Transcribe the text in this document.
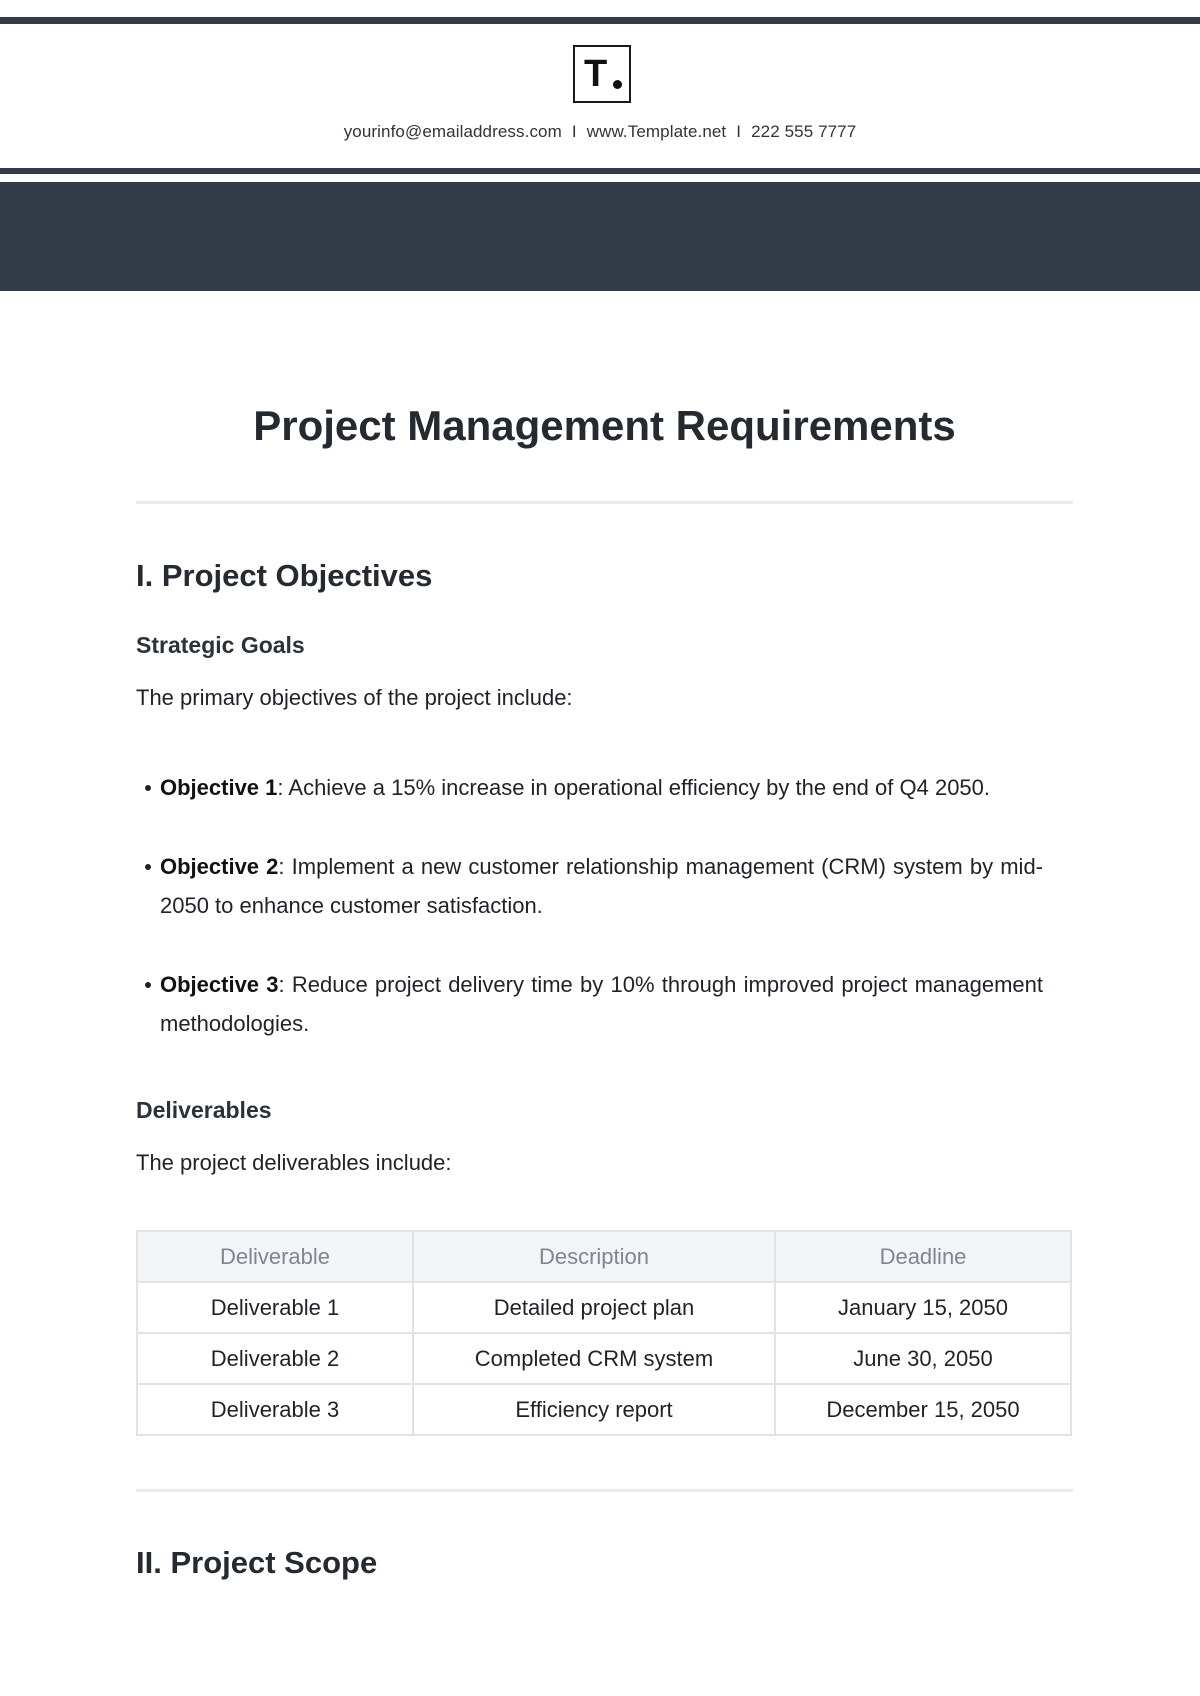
T
yourinfo@emailaddress.com I www.Template.net I 222 555 7777
Project Management Requirements
I. Project Objectives
Strategic Goals

The primary objectives of the project include:

Objective 1: Achieve a 15% increase in operational efficiency by the end of Q4 2050.
Objective 2: Implement a new customer relationship management (CRM) system by mid-2050 to enhance customer satisfaction.
Objective 3: Reduce project delivery time by 10% through improved project management methodologies.
Deliverables

The project deliverables include:

Deliverable	Description	Deadline
Deliverable 1	Detailed project plan	January 15, 2050
Deliverable 2	Completed CRM system	June 30, 2050
Deliverable 3	Efficiency report	December 15, 2050
II. Project Scope
